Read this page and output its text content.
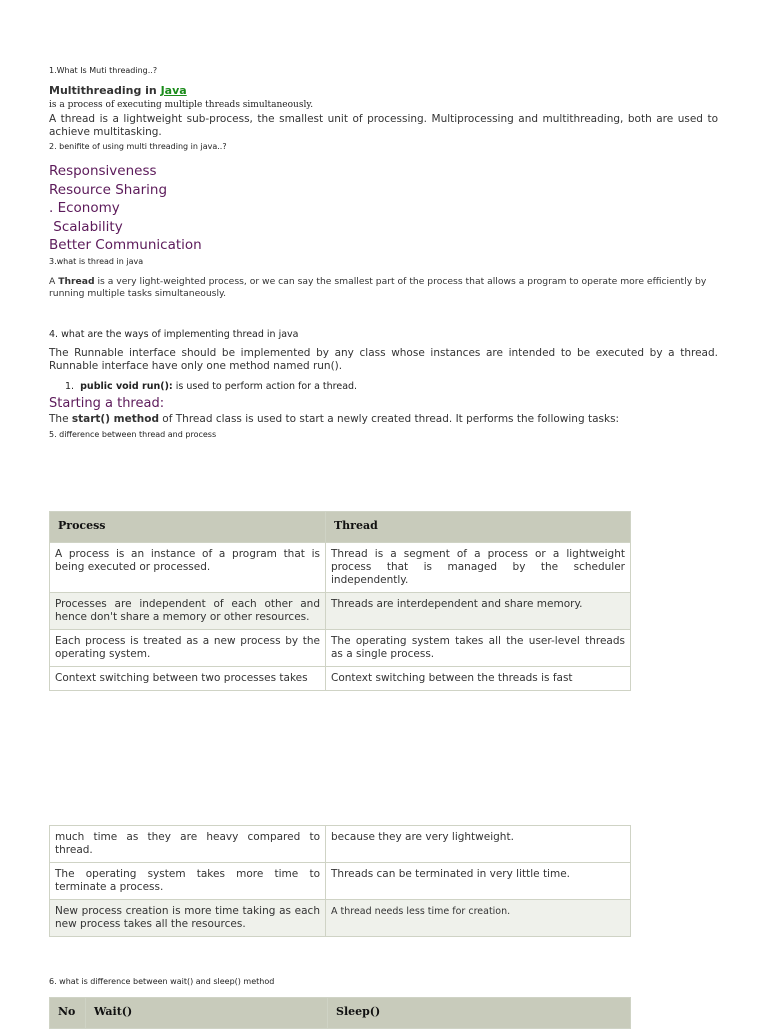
1.What Is Muti threading..?
Multithreading in Java
is a process of executing multiple threads simultaneously.
A thread is a lightweight sub-process, the smallest unit of processing. Multiprocessing and multithreading, both are used to achieve multitasking.
2. benifite of using multi threading in java..?
Responsiveness
Resource Sharing
. Economy
Scalability
Better Communication
3.what is thread in java
A Thread is a very light-weighted process, or we can say the smallest part of the process that allows a program to operate more efficiently by running multiple tasks simultaneously.
4. what are the ways of implementing thread in java
The Runnable interface should be implemented by any class whose instances are intended to be executed by a thread. Runnable interface have only one method named run().
1. public void run(): is used to perform action for a thread.
Starting a thread:
The start() method of Thread class is used to start a newly created thread. It performs the following tasks:
5. difference between thread and process
6. what is difference between wait() and sleep() method
Process	Thread
A process is an instance of a program that is being executed or processed.	Thread is a segment of a process or a lightweight process that is managed by the scheduler independently.
Processes are independent of each other and hence don't share a memory or other resources.	Threads are interdependent and share memory.
Each process is treated as a new process by the operating system.	The operating system takes all the user-level threads as a single process.
Context switching between two processes takes	Context switching between the threads is fast
much time as they are heavy compared to thread.	because they are very lightweight.
The operating system takes more time to terminate a process.	Threads can be terminated in very little time.
New process creation is more time taking as each new process takes all the resources.	A thread needs less time for creation.
No	Wait()	Sleep()
